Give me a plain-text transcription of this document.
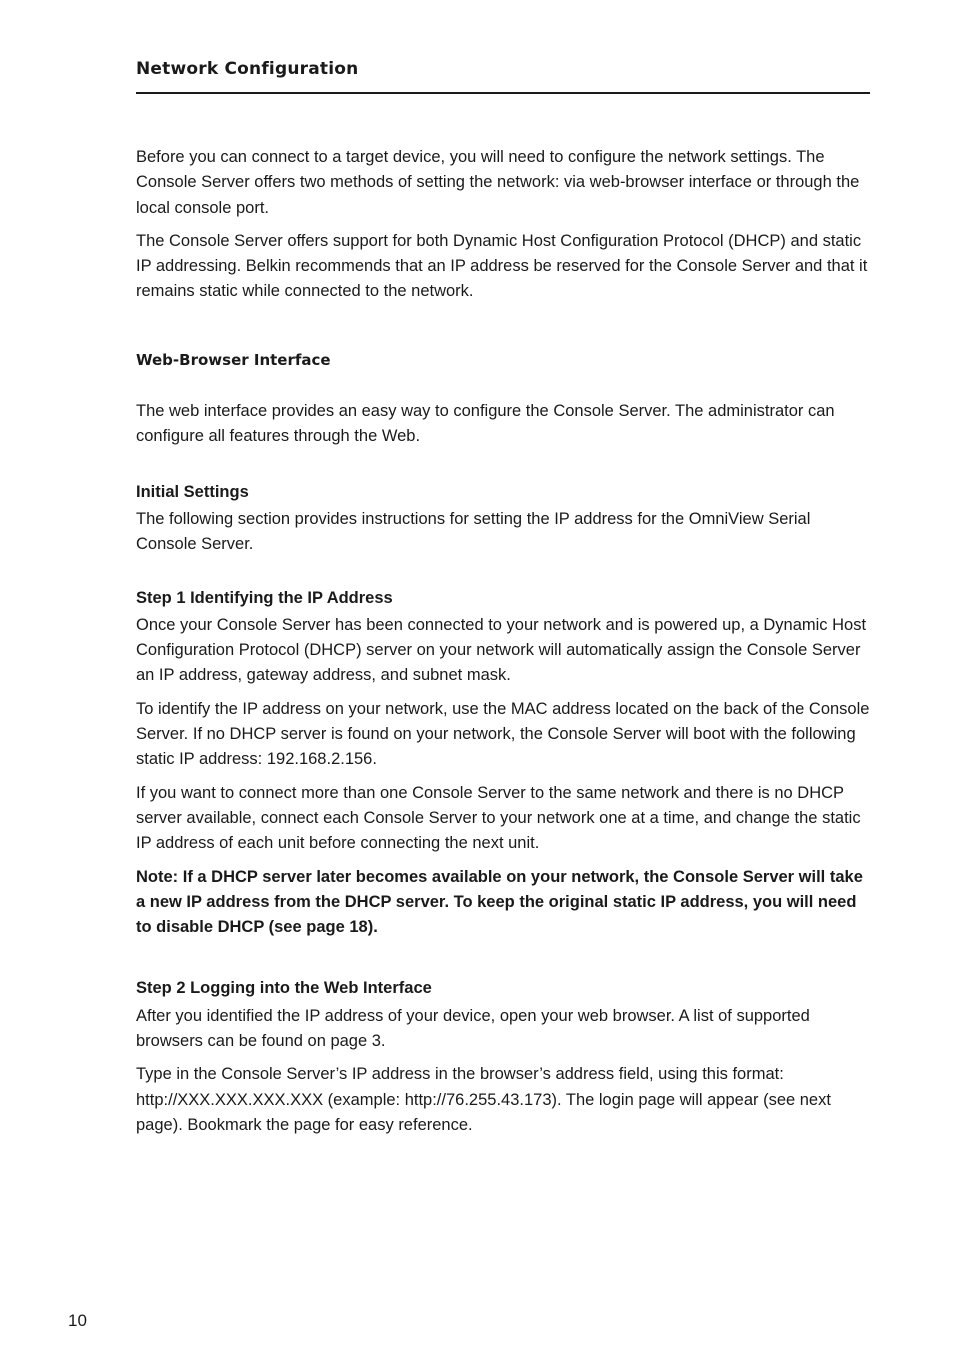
Network Configuration

Before you can connect to a target device, you will need to configure the network settings. The Console Server offers two methods of setting the network: via web-browser interface or through the local console port.

The Console Server offers support for both Dynamic Host Configuration Protocol (DHCP) and static IP addressing. Belkin recommends that an IP address be reserved for the Console Server and that it remains static while connected to the network.

Web-Browser Interface

The web interface provides an easy way to configure the Console Server. The administrator can configure all features through the Web.

Initial Settings

The following section provides instructions for setting the IP address for the OmniView Serial Console Server.

Step 1 Identifying the IP Address

Once your Console Server has been connected to your network and is powered up, a Dynamic Host Configuration Protocol (DHCP) server on your network will automatically assign the Console Server an IP address, gateway address, and subnet mask.

To identify the IP address on your network, use the MAC address located on the back of the Console Server. If no DHCP server is found on your network, the Console Server will boot with the following static IP address: 192.168.2.156.

If you want to connect more than one Console Server to the same network and there is no DHCP server available, connect each Console Server to your network one at a time, and change the static IP address of each unit before connecting the next unit.

Note: If a DHCP server later becomes available on your network, the Console Server will take a new IP address from the DHCP server. To keep the original static IP address, you will need to disable DHCP (see page 18).

Step 2 Logging into the Web Interface

After you identified the IP address of your device, open your web browser. A list of supported browsers can be found on page 3.

Type in the Console Server’s IP address in the browser’s address field, using this format: http://XXX.XXX.XXX.XXX (example: http://76.255.43.173). The login page will appear (see next page). Bookmark the page for easy reference.

10
